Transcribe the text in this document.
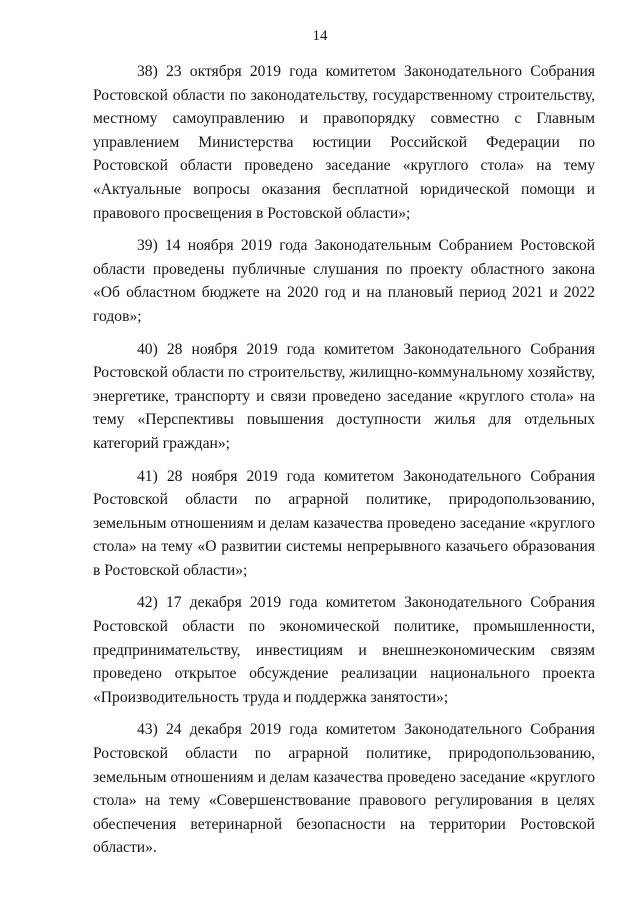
14

38) 23 октября 2019 года комитетом Законодательного Собрания Ростовской области по законодательству, государственному строительству, местному самоуправлению и правопорядку совместно с Главным управлением Министерства юстиции Российской Федерации по Ростовской области проведено заседание «круглого стола» на тему «Актуальные вопросы оказания бесплатной юридической помощи и правового просвещения в Ростовской области»;

39) 14 ноября 2019 года Законодательным Собранием Ростовской области проведены публичные слушания по проекту областного закона «Об областном бюджете на 2020 год и на плановый период 2021 и 2022 годов»;

40) 28 ноября 2019 года комитетом Законодательного Собрания Ростовской области по строительству, жилищно-коммунальному хозяйству, энергетике, транспорту и связи проведено заседание «круглого стола» на тему «Перспективы повышения доступности жилья для отдельных категорий граждан»;

41) 28 ноября 2019 года комитетом Законодательного Собрания Ростовской области по аграрной политике, природопользованию, земельным отношениям и делам казачества проведено заседание «круглого стола» на тему «О развитии системы непрерывного казачьего образования в Ростовской области»;

42) 17 декабря 2019 года комитетом Законодательного Собрания Ростовской области по экономической политике, промышленности, предпринимательству, инвестициям и внешнеэкономическим связям проведено открытое обсуждение реализации национального проекта «Производительность труда и поддержка занятости»;

43) 24 декабря 2019 года комитетом Законодательного Собрания Ростовской области по аграрной политике, природопользованию, земельным отношениям и делам казачества проведено заседание «круглого стола» на тему «Совершенствование правового регулирования в целях обеспечения ветеринарной безопасности на территории Ростовской области».
